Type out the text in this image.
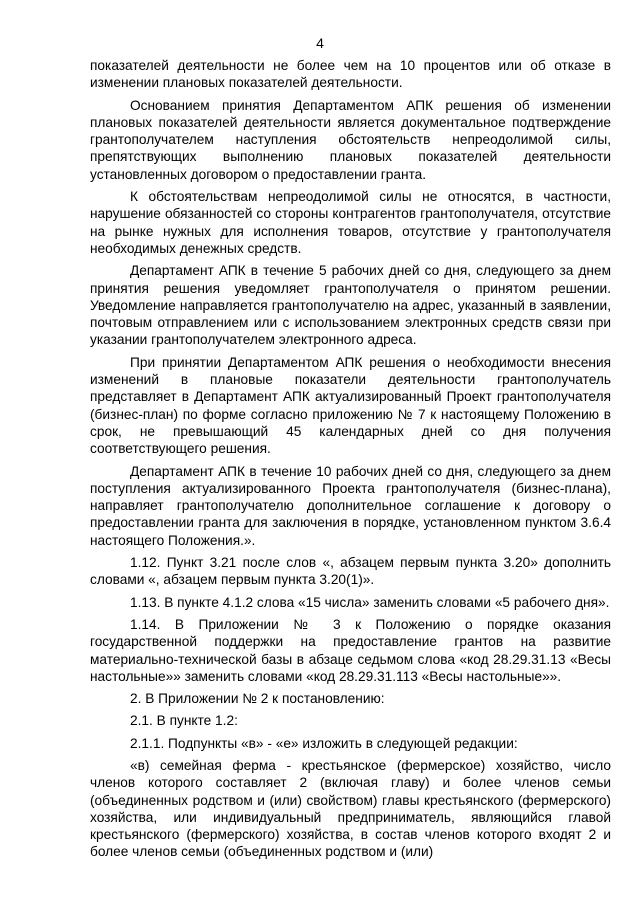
4

показателей деятельности не более чем на 10 процентов или об отказе в изменении плановых показателей деятельности.

Основанием принятия Департаментом АПК решения об изменении плановых показателей деятельности является документальное подтверждение грантополучателем наступления обстоятельств непреодолимой силы, препятствующих выполнению плановых показателей деятельности установленных договором о предоставлении гранта.

К обстоятельствам непреодолимой силы не относятся, в частности, нарушение обязанностей со стороны контрагентов грантополучателя, отсутствие на рынке нужных для исполнения товаров, отсутствие у грантополучателя необходимых денежных средств.

Департамент АПК в течение 5 рабочих дней со дня, следующего за днем принятия решения уведомляет грантополучателя о принятом решении. Уведомление направляется грантополучателю на адрес, указанный в заявлении, почтовым отправлением или с использованием электронных средств связи при указании грантополучателем электронного адреса.

При принятии Департаментом АПК решения о необходимости внесения изменений в плановые показатели деятельности грантополучатель представляет в Департамент АПК актуализированный Проект грантополучателя (бизнес-план) по форме согласно приложению № 7 к настоящему Положению в срок, не превышающий 45 календарных дней со дня получения соответствующего решения.

Департамент АПК в течение 10 рабочих дней со дня, следующего за днем поступления актуализированного Проекта грантополучателя (бизнес-плана), направляет грантополучателю дополнительное соглашение к договору о предоставлении гранта для заключения в порядке, установленном пунктом 3.6.4 настоящего Положения.».

1.12. Пункт 3.21 после слов «, абзацем первым пункта 3.20» дополнить словами «, абзацем первым пункта 3.20(1)».

1.13. В пункте 4.1.2 слова «15 числа» заменить словами «5 рабочего дня».

1.14. В Приложении № 3 к Положению о порядке оказания государственной поддержки на предоставление грантов на развитие материально-технической базы в абзаце седьмом слова «код 28.29.31.13 «Весы настольные»» заменить словами «код 28.29.31.113 «Весы настольные»».

2. В Приложении № 2 к постановлению:

2.1. В пункте 1.2:

2.1.1. Подпункты «в» - «е» изложить в следующей редакции:

«в) семейная ферма - крестьянское (фермерское) хозяйство, число членов которого составляет 2 (включая главу) и более членов семьи (объединенных родством и (или) свойством) главы крестьянского (фермерского) хозяйства, или индивидуальный предприниматель, являющийся главой крестьянского (фермерского) хозяйства, в состав членов которого входят 2 и более членов семьи (объединенных родством и (или)
